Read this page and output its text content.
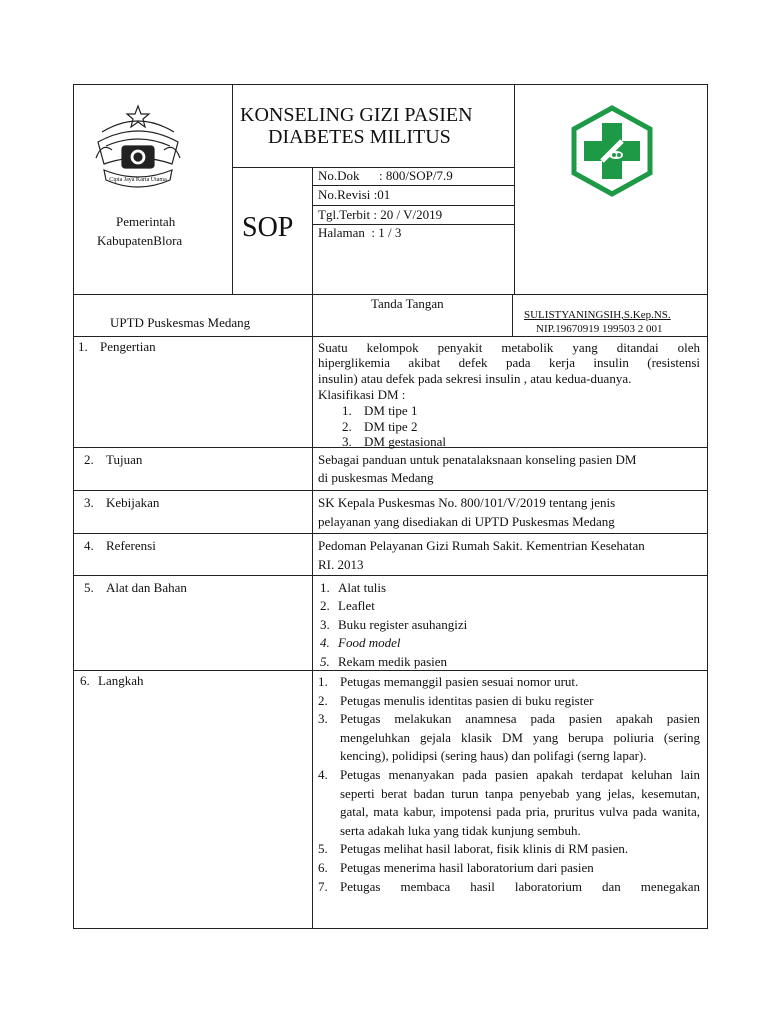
Cipta Jaya Karta Utama
Pemerintah
KabupatenBlora
KONSELING GIZI PASIEN
DIABETES MILITUS
SOP
No.Dok      : 800/SOP/7.9
No.Revisi :01
Tgl.Terbit : 20 / V/2019
Halaman  : 1 / 3
UPTD Puskesmas Medang
Tanda Tangan
SULISTYANINGSIH,S.Kep.NS.
NIP.19670919 199503 2 001
1. Pengertian	Suatu kelompok penyakit metabolik yang ditandai oleh
hiperglikemia akibat defek pada kerja insulin (resistensi
insulin) atau defek pada sekresi insulin , atau kedua-duanya.
Klasifikasi DM :
1. DM tipe 1
2. DM tipe 2
3. DM gestasional
2. Tujuan	Sebagai panduan untuk penatalaksnaan konseling pasien DM
di puskesmas Medang
3. Kebijakan	SK Kepala Puskesmas No. 800/101/V/2019 tentang jenis
pelayanan yang disediakan di UPTD Puskesmas Medang
4. Referensi	Pedoman Pelayanan Gizi Rumah Sakit. Kementrian Kesehatan
RI. 2013
5. Alat dan Bahan	1. Alat tulis
2. Leaflet
3. Buku register asuhangizi
4. Food model
5. Rekam medik pasien
6. Langkah	1. Petugas memanggil pasien sesuai nomor urut.
2. Petugas menulis identitas pasien di buku register
3. Petugas melakukan anamnesa pada pasien apakah pasien mengeluhkan gejala klasik DM yang berupa poliuria (sering kencing), polidipsi (sering haus) dan polifagi (serng lapar).
4. Petugas menanyakan pada pasien apakah terdapat keluhan lain seperti berat badan turun tanpa penyebab yang jelas, kesemutan, gatal, mata kabur, impotensi pada pria, pruritus vulva pada wanita, serta adakah luka yang tidak kunjung sembuh.
5. Petugas melihat hasil laborat, fisik klinis di RM pasien.
6. Petugas menerima hasil laboratorium dari pasien
7. Petugas membaca hasil laboratorium dan menegakan
